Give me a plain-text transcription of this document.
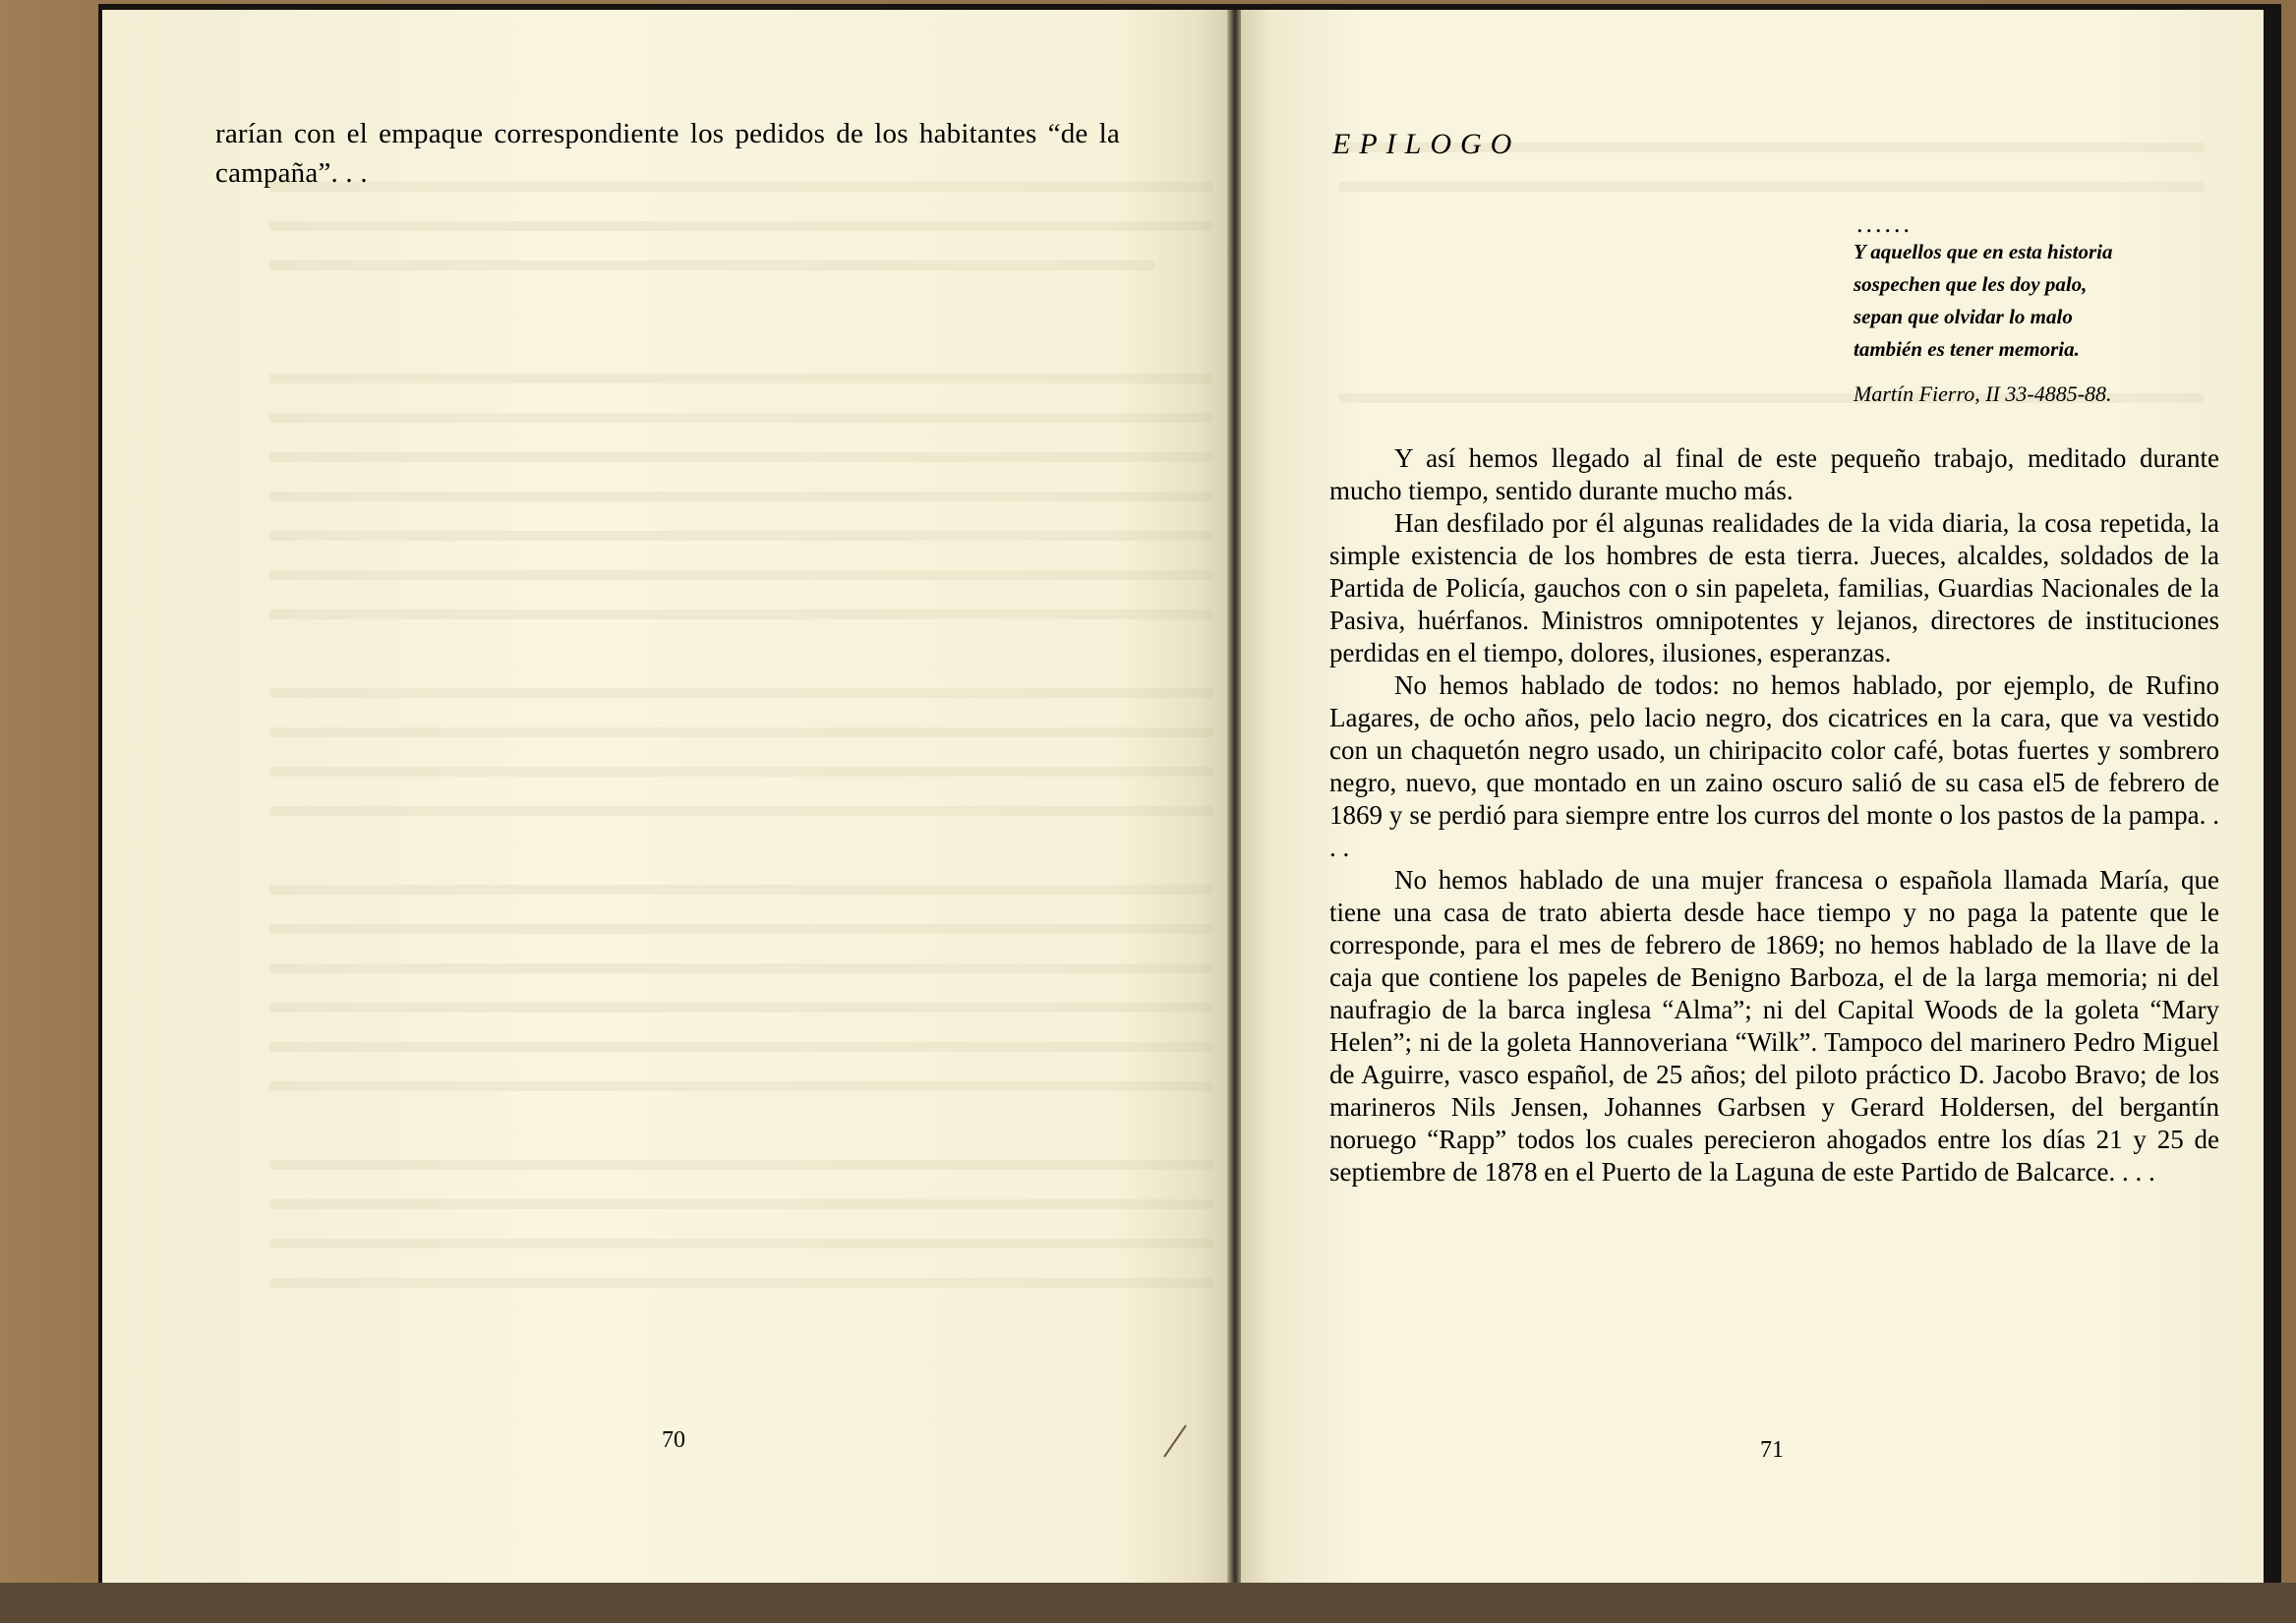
rarían con el empaque correspondiente los pedidos de los habitantes “de la campaña”. . .

70
EPILOGO
......
Y aquellos que en esta historia
sospechen que les doy palo,
sepan que olvidar lo malo
también es tener memoria.
Martín Fierro, II 33-4885-88.

Y así hemos llegado al final de este pequeño trabajo, meditado durante mucho tiempo, sentido durante mucho más.

Han desfilado por él algunas realidades de la vida diaria, la cosa repetida, la simple existencia de los hombres de esta tierra. Jueces, alcaldes, soldados de la Partida de Policía, gauchos con o sin papeleta, familias, Guardias Nacionales de la Pasiva, huérfanos. Ministros omnipotentes y lejanos, directores de instituciones perdidas en el tiempo, dolores, ilusiones, esperanzas.

No hemos hablado de todos: no hemos hablado, por ejemplo, de Rufino Lagares, de ocho años, pelo lacio negro, dos cicatrices en la cara, que va vestido con un chaquetón negro usado, un chiripacito color café, botas fuertes y sombrero negro, nuevo, que montado en un zaino oscuro salió de su casa el5 de febrero de 1869 y se perdió para siempre entre los curros del monte o los pastos de la pampa. . . .

No hemos hablado de una mujer francesa o española llamada María, que tiene una casa de trato abierta desde hace tiempo y no paga la patente que le corresponde, para el mes de febrero de 1869; no hemos hablado de la llave de la caja que contiene los papeles de Benigno Barboza, el de la larga memoria; ni del naufragio de la barca inglesa “Alma”; ni del Capital Woods de la goleta “Mary Helen”; ni de la goleta Hannoveriana “Wilk”. Tampoco del marinero Pedro Miguel de Aguirre, vasco español, de 25 años; del piloto práctico D. Jacobo Bravo; de los marineros Nils Jensen, Johannes Garbsen y Gerard Holdersen, del bergantín noruego “Rapp” todos los cuales perecieron ahogados entre los días 21 y 25 de septiembre de 1878 en el Puerto de la Laguna de este Partido de Balcarce. . . .

71
